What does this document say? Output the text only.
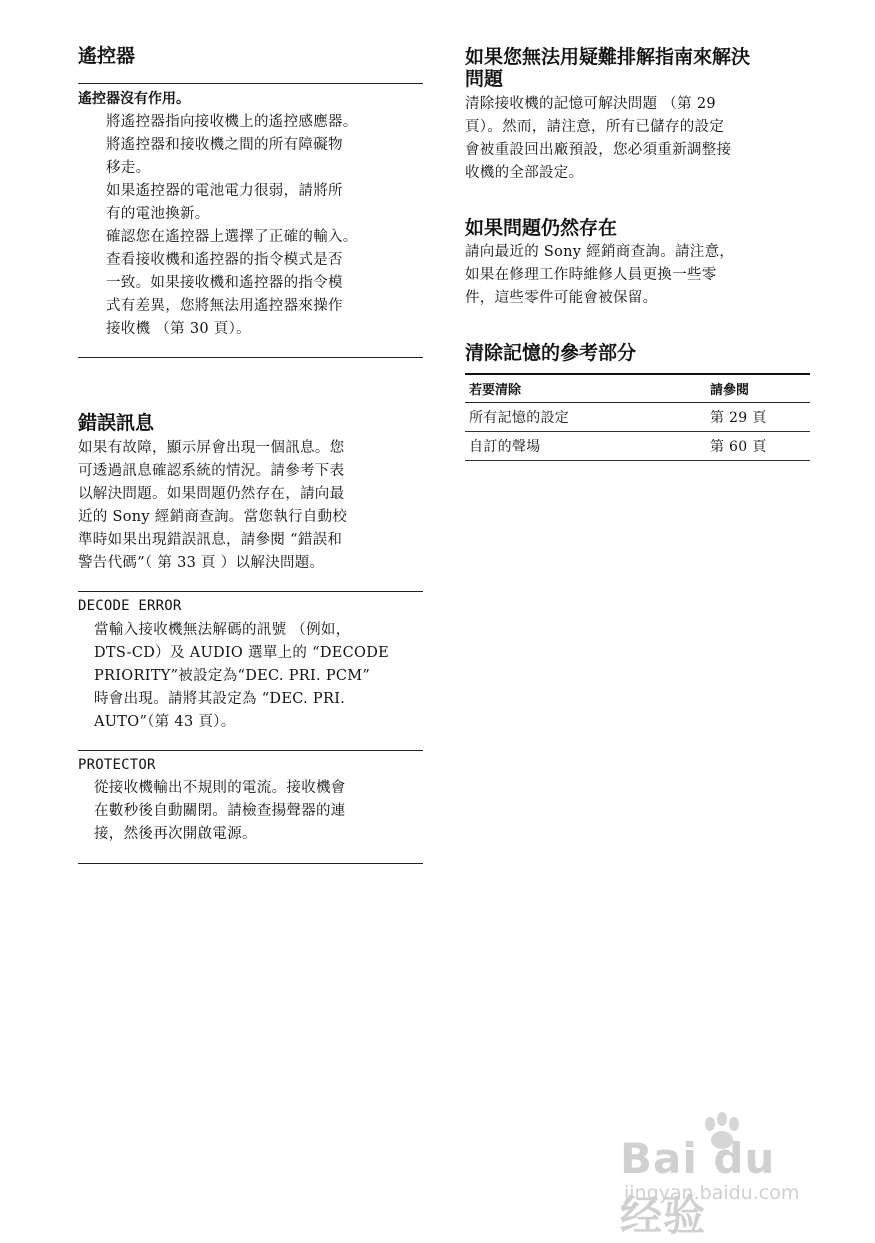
遙控器
遙控器沒有作用。
將遙控器指向接收機上的遙控感應器。
將遙控器和接收機之間的所有障礙物
移走。
如果遙控器的電池電力很弱，請將所
有的電池換新。
確認您在遙控器上選擇了正確的輸入。
查看接收機和遙控器的指令模式是否
一致。如果接收機和遙控器的指令模
式有差異，您將無法用遙控器來操作
接收機 （第 30 頁）。
錯誤訊息
如果有故障，顯示屏會出現一個訊息。您
可透過訊息確認系統的情況。請參考下表
以解決問題。如果問題仍然存在，請向最
近的 Sony 經銷商查詢。當您執行自動校
準時如果出現錯誤訊息，請參閱 “錯誤和
警告代碼”（ 第 33 頁 ）以解決問題。
DECODE ERROR
當輸入接收機無法解碼的訊號 （例如，
DTS-CD）及 AUDIO 選單上的 “DECODE
PRIORITY”被設定為“DEC. PRI. PCM”
時會出現。請將其設定為 “DEC. PRI.
AUTO”（第 43 頁）。
PROTECTOR
從接收機輸出不規則的電流。接收機會
在數秒後自動關閉。請檢查揚聲器的連
接，然後再次開啟電源。
如果您無法用疑難排解指南來解決
問題
清除接收機的記憶可解決問題 （第 29
頁）。然而，請注意，所有已儲存的設定
會被重設回出廠預設，您必須重新調整接
收機的全部設定。
如果問題仍然存在
請向最近的 Sony 經銷商查詢。請注意，
如果在修理工作時維修人員更換一些零
件，這些零件可能會被保留。
清除記憶的參考部分
若要清除	請參閱
所有記憶的設定	第 29 頁
自訂的聲場	第 60 頁
Bai du 经验
jingyan.baidu.com
